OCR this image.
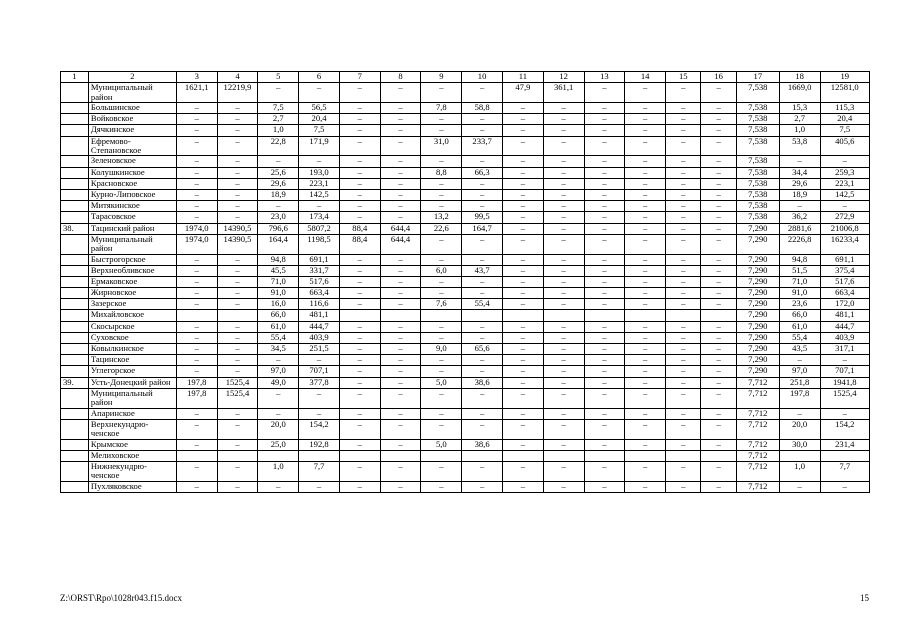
1	2	3	4	5	6	7	8	9	10	11	12	13	14	15	16	17	18	19
	Муниципальный район	1621,1	12219,9	–	–	–	–	–	–	47,9	361,1	–	–	–	–	7,538	1669,0	12581,0
	Большинское	–	–	7,5	56,5	–	–	7,8	58,8	–	–	–	–	–	–	7,538	15,3	115,3
	Войковское	–	–	2,7	20,4	–	–	–	–	–	–	–	–	–	–	7,538	2,7	20,4
	Дячкинское	–	–	1,0	7,5	–	–	–	–	–	–	–	–	–	–	7,538	1,0	7,5
	Ефремово-Степановское	–	–	22,8	171,9	–	–	31,0	233,7	–	–	–	–	–	–	7,538	53,8	405,6
	Зеленовское	–	–	–	–	–	–	–	–	–	–	–	–	–	–	7,538	–	–
	Колушкинское	–	–	25,6	193,0	–	–	8,8	66,3	–	–	–	–	–	–	7,538	34,4	259,3
	Красновское	–	–	29,6	223,1	–	–	–	–	–	–	–	–	–	–	7,538	29,6	223,1
	Курно-Липовское	–	–	18,9	142,5	–	–	–	–	–	–	–	–	–	–	7,538	18,9	142,5
	Митякинское	–	–	–	–	–	–	–	–	–	–	–	–	–	–	7,538	–	–
	Тарасовское	–	–	23,0	173,4	–	–	13,2	99,5	–	–	–	–	–	–	7,538	36,2	272,9
38.	Тацинский район	1974,0	14390,5	796,6	5807,2	88,4	644,4	22,6	164,7	–	–	–	–	–	–	7,290	2881,6	21006,8
	Муниципальный район	1974,0	14390,5	164,4	1198,5	88,4	644,4	–	–	–	–	–	–	–	–	7,290	2226,8	16233,4
	Быстрогорское	–	–	94,8	691,1	–	–	–	–	–	–	–	–	–	–	7,290	94,8	691,1
	Верхнеобливское	–	–	45,5	331,7	–	–	6,0	43,7	–	–	–	–	–	–	7,290	51,5	375,4
	Ермаковское	–	–	71,0	517,6	–	–	–	–	–	–	–	–	–	–	7,290	71,0	517,6
	Жирновское	–	–	91,0	663,4	–	–	–	–	–	–	–	–	–	–	7,290	91,0	663,4
	Зазерское	–	–	16,0	116,6	–	–	7,6	55,4	–	–	–	–	–	–	7,290	23,6	172,0
	Михайловское			66,0	481,1											7,290	66,0	481,1
	Скосырское	–	–	61,0	444,7	–	–	–	–	–	–	–	–	–	–	7,290	61,0	444,7
	Суховское	–	–	55,4	403,9	–	–	–	–	–	–	–	–	–	–	7,290	55,4	403,9
	Ковылкинское	–	–	34,5	251,5	–	–	9,0	65,6	–	–	–	–	–	–	7,290	43,5	317,1
	Тацинское	–	–	–	–	–	–	–	–	–	–	–	–	–	–	7,290	–	–
	Углегорское	–	–	97,0	707,1	–	–	–	–	–	–	–	–	–	–	7,290	97,0	707,1
39.	Усть-Донецкий район	197,8	1525,4	49,0	377,8	–	–	5,0	38,6	–	–	–	–	–	–	7,712	251,8	1941,8
	Муниципальный район	197,8	1525,4	–	–	–	–	–	–	–	–	–	–	–	–	7,712	197,8	1525,4
	Апаринское	–	–	–	–	–	–	–	–	–	–	–	–	–	–	7,712	–	–
	Верхнекундрю-ченское	–	–	20,0	154,2	–	–	–	–	–	–	–	–	–	–	7,712	20,0	154,2
	Крымское	–	–	25,0	192,8	–	–	5,0	38,6	–	–	–	–	–	–	7,712	30,0	231,4
	Мелиховское															7,712		
	Нижнекундрю-ченское	–	–	1,0	7,7	–	–	–	–	–	–	–	–	–	–	7,712	1,0	7,7
	Пухляковское	–	–	–	–	–	–	–	–	–	–	–	–	–	–	7,712	–	–
Z:\ORST\Rpo\1028r043.f15.docx	15
